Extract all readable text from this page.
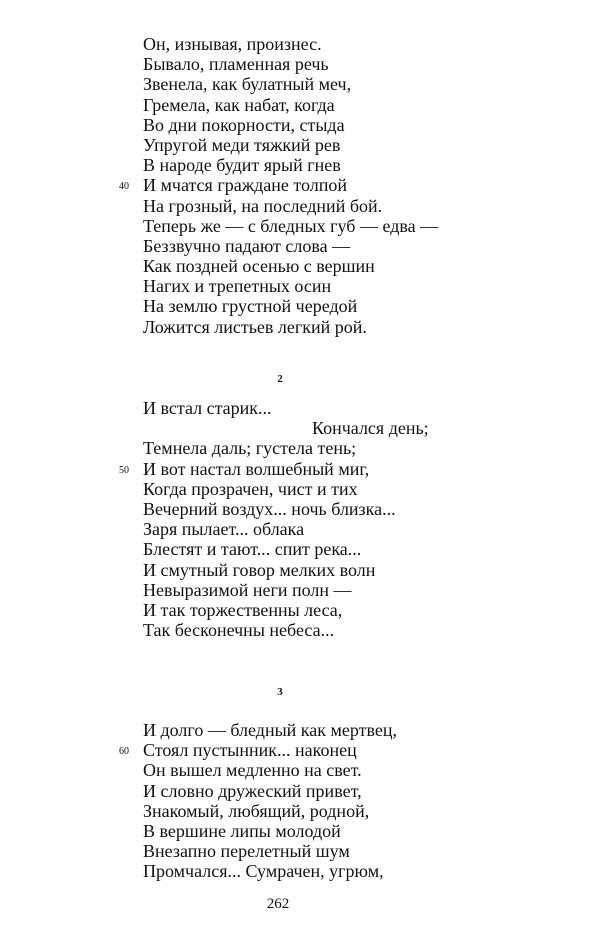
Он, изнывая, произнес.
Бывало, пламенная речь
Звенела, как булатный меч,
Гремела, как набат, когда
Во дни покорности, стыда
Упругой меди тяжкий рев
В народе будит ярый гнев
40 И мчатся граждане толпой
На грозный, на последний бой.
Теперь же — с бледных губ — едва —
Беззвучно падают слова —
Как поздней осенью с вершин
Нагих и трепетных осин
На землю грустной чередой
Ложится листьев легкий рой.
2
И встал старик...
Кончался день;
Темнела даль; густела тень;
50 И вот настал волшебный миг,
Когда прозрачен, чист и тих
Вечерний воздух... ночь близка...
Заря пылает... облака
Блестят и тают... спит река...
И смутный говор мелких волн
Невыразимой неги полн —
И так торжественны леса,
Так бесконечны небеса...
3
И долго — бледный как мертвец,
60 Стоял пустынник... наконец
Он вышел медленно на свет.
И словно дружеский привет,
Знакомый, любящий, родной,
В вершине липы молодой
Внезапно перелетный шум
Промчался... Сумрачен, угрюм,
262
